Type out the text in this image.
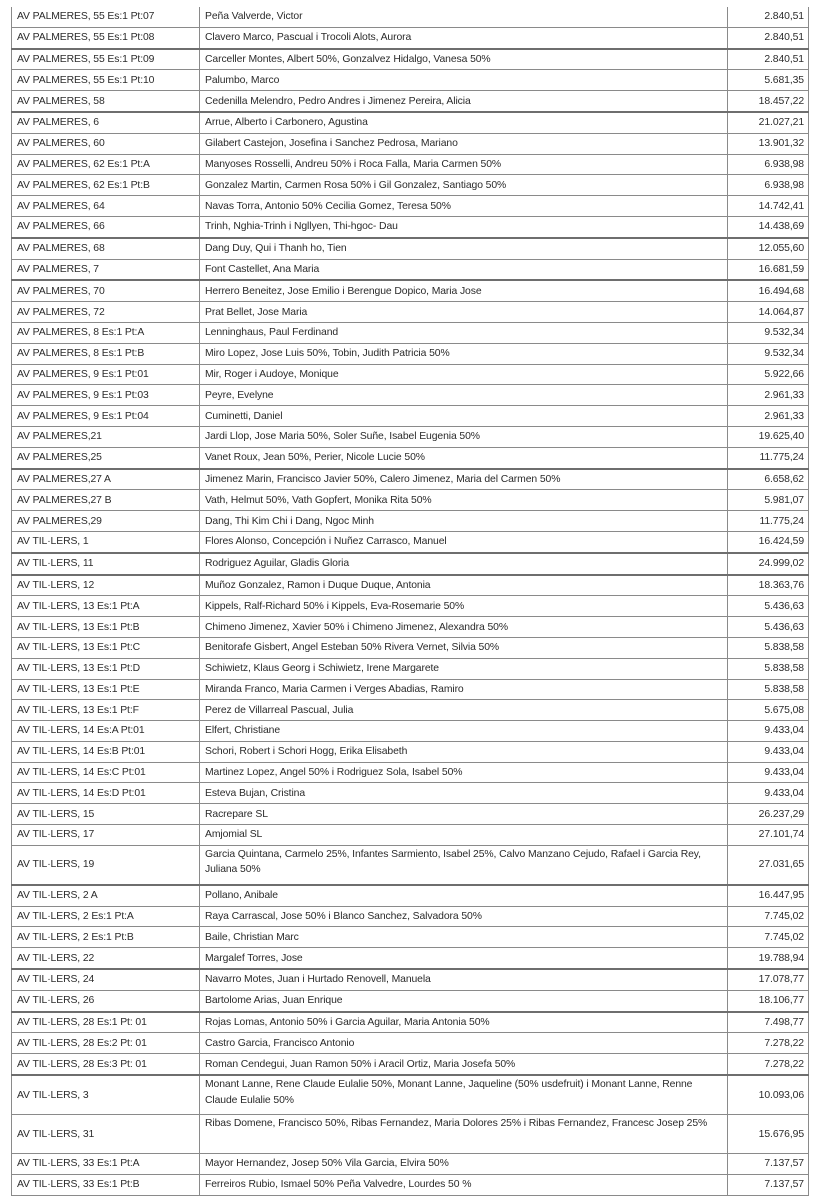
AV PALMERES, 55 Es:1 Pt:07	Peña Valverde, Victor	2.840,51
AV PALMERES, 55 Es:1 Pt:08	Clavero Marco, Pascual i Trocoli Alots, Aurora	2.840,51
AV PALMERES, 55 Es:1 Pt:09	Carceller Montes, Albert 50%, Gonzalvez Hidalgo, Vanesa 50%	2.840,51
AV PALMERES, 55 Es:1 Pt:10	Palumbo, Marco	5.681,35
AV PALMERES, 58	Cedenilla Melendro, Pedro Andres i Jimenez Pereira, Alicia	18.457,22
AV PALMERES, 6	Arrue, Alberto i Carbonero, Agustina	21.027,21
AV PALMERES, 60	Gilabert Castejon, Josefina i Sanchez Pedrosa, Mariano	13.901,32
AV PALMERES, 62 Es:1 Pt:A	Manyoses Rosselli, Andreu 50% i Roca Falla, Maria Carmen 50%	6.938,98
AV PALMERES, 62 Es:1 Pt:B	Gonzalez Martin, Carmen Rosa 50% i Gil Gonzalez, Santiago 50%	6.938,98
AV PALMERES, 64	Navas Torra, Antonio 50% Cecilia Gomez, Teresa 50%	14.742,41
AV PALMERES, 66	Trinh, Nghia-Trinh i Ngllyen, Thi-hgoc- Dau	14.438,69
AV PALMERES, 68	Dang Duy, Qui i Thanh ho, Tien	12.055,60
AV PALMERES, 7	Font Castellet, Ana Maria	16.681,59
AV PALMERES, 70	Herrero Beneitez, Jose Emilio i Berengue Dopico, Maria Jose	16.494,68
AV PALMERES, 72	Prat Bellet, Jose Maria	14.064,87
AV PALMERES, 8 Es:1 Pt:A	Lenninghaus, Paul Ferdinand	9.532,34
AV PALMERES, 8 Es:1 Pt:B	Miro Lopez, Jose Luis 50%, Tobin, Judith Patricia 50%	9.532,34
AV PALMERES, 9 Es:1 Pt:01	Mir, Roger i Audoye, Monique	5.922,66
AV PALMERES, 9 Es:1 Pt:03	Peyre, Evelyne	2.961,33
AV PALMERES, 9 Es:1 Pt:04	Cuminetti, Daniel	2.961,33
AV PALMERES,21	Jardi Llop, Jose Maria 50%, Soler Suñe, Isabel Eugenia 50%	19.625,40
AV PALMERES,25	Vanet Roux, Jean 50%, Perier, Nicole Lucie 50%	11.775,24
AV PALMERES,27 A	Jimenez Marin, Francisco Javier 50%, Calero Jimenez, Maria del Carmen 50%	6.658,62
AV PALMERES,27 B	Vath, Helmut 50%, Vath Gopfert, Monika Rita 50%	5.981,07
AV PALMERES,29	Dang, Thi Kim Chi i Dang, Ngoc Minh	11.775,24
AV TIL·LERS, 1	Flores Alonso, Concepción i Nuñez Carrasco, Manuel	16.424,59
AV TIL·LERS, 11	Rodriguez Aguilar, Gladis Gloria	24.999,02
AV TIL·LERS, 12	Muñoz Gonzalez, Ramon i Duque Duque, Antonia	18.363,76
AV TIL·LERS, 13 Es:1 Pt:A	Kippels, Ralf-Richard 50% i Kippels, Eva-Rosemarie 50%	5.436,63
AV TIL·LERS, 13 Es:1 Pt:B	Chimeno Jimenez, Xavier 50% i Chimeno Jimenez, Alexandra 50%	5.436,63
AV TIL·LERS, 13 Es:1 Pt:C	Benitorafe Gisbert, Angel Esteban 50% Rivera Vernet, Silvia 50%	5.838,58
AV TIL·LERS, 13 Es:1 Pt:D	Schiwietz, Klaus Georg i Schiwietz, Irene Margarete	5.838,58
AV TIL·LERS, 13 Es:1 Pt:E	Miranda Franco, Maria Carmen i Verges Abadias, Ramiro	5.838,58
AV TIL·LERS, 13 Es:1 Pt:F	Perez de Villarreal Pascual, Julia	5.675,08
AV TIL·LERS, 14 Es:A Pt:01	Elfert, Christiane	9.433,04
AV TIL·LERS, 14 Es:B Pt:01	Schori, Robert i Schori Hogg, Erika Elisabeth	9.433,04
AV TIL·LERS, 14 Es:C Pt:01	Martinez Lopez, Angel 50% i Rodriguez Sola, Isabel 50%	9.433,04
AV TIL·LERS, 14 Es:D Pt:01	Esteva Bujan, Cristina	9.433,04
AV TIL·LERS, 15	Racrepare SL	26.237,29
AV TIL·LERS, 17	Amjomial SL	27.101,74
AV TIL·LERS, 19	Garcia Quintana, Carmelo 25%, Infantes Sarmiento, Isabel 25%, Calvo Manzano Cejudo, Rafael i Garcia Rey, Juliana 50%	27.031,65
AV TIL·LERS, 2 A	Pollano, Anibale	16.447,95
AV TIL·LERS, 2 Es:1 Pt:A	Raya Carrascal, Jose 50% i Blanco Sanchez, Salvadora 50%	7.745,02
AV TIL·LERS, 2 Es:1 Pt:B	Baile, Christian Marc	7.745,02
AV TIL·LERS, 22	Margalef Torres, Jose	19.788,94
AV TIL·LERS, 24	Navarro Motes, Juan i Hurtado Renovell, Manuela	17.078,77
AV TIL·LERS, 26	Bartolome Arias, Juan Enrique	18.106,77
AV TIL·LERS, 28 Es:1 Pt: 01	Rojas Lomas, Antonio 50% i Garcia Aguilar, Maria Antonia 50%	7.498,77
AV TIL·LERS, 28 Es:2 Pt: 01	Castro Garcia, Francisco Antonio	7.278,22
AV TIL·LERS, 28 Es:3 Pt: 01	Roman Cendegui, Juan Ramon 50% i Aracil Ortiz, Maria Josefa 50%	7.278,22
AV TIL·LERS, 3	Monant Lanne, Rene Claude Eulalie 50%, Monant Lanne, Jaqueline (50% usdefruit) i Monant Lanne, Renne Claude Eulalie 50%	10.093,06
AV TIL·LERS, 31	Ribas Domene, Francisco 50%, Ribas Fernandez, Maria Dolores 25% i Ribas Fernandez, Francesc Josep 25%	15.676,95
AV TIL·LERS, 33 Es:1 Pt:A	Mayor Hernandez, Josep 50% Vila Garcia, Elvira 50%	7.137,57
AV TIL·LERS, 33 Es:1 Pt:B	Ferreiros Rubio, Ismael 50% Peña Valvedre, Lourdes 50 %	7.137,57
